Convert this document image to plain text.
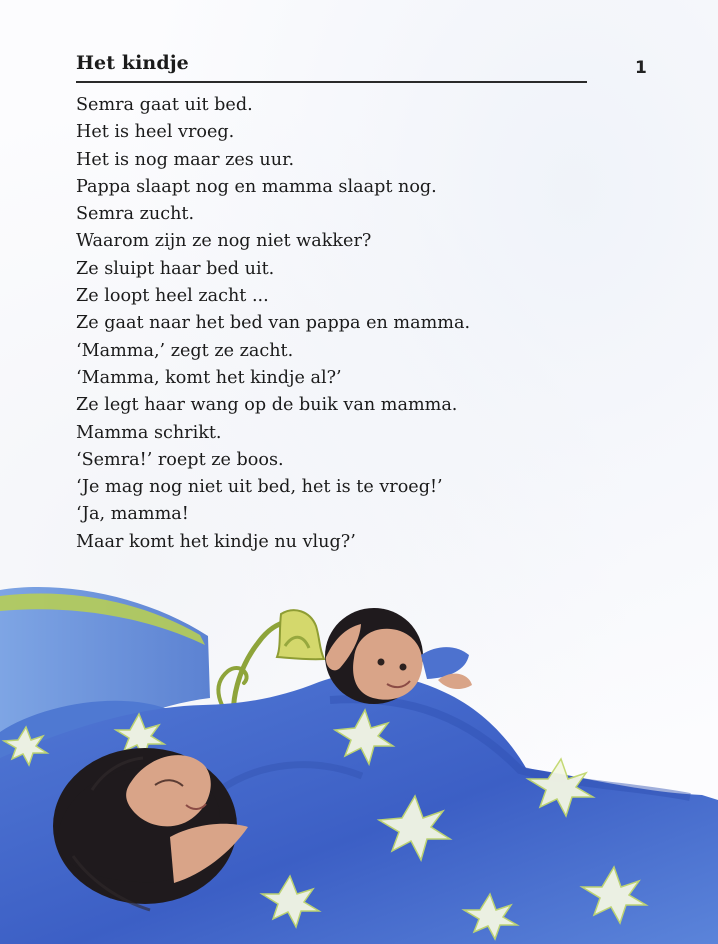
Het kindje	1
Semra gaat uit bed.
Het is heel vroeg.
Het is nog maar zes uur.
Pappa slaapt nog en mamma slaapt nog.
Semra zucht.
Waarom zijn ze nog niet wakker?
Ze sluipt haar bed uit.
Ze loopt heel zacht ...
Ze gaat naar het bed van pappa en mamma.
‘Mamma,’ zegt ze zacht.
‘Mamma, komt het kindje al?’
Ze legt haar wang op de buik van mamma.
Mamma schrikt.
‘Semra!’ roept ze boos.
‘Je mag nog niet uit bed, het is te vroeg!’
‘Ja, mamma!
Maar komt het kindje nu vlug?’
